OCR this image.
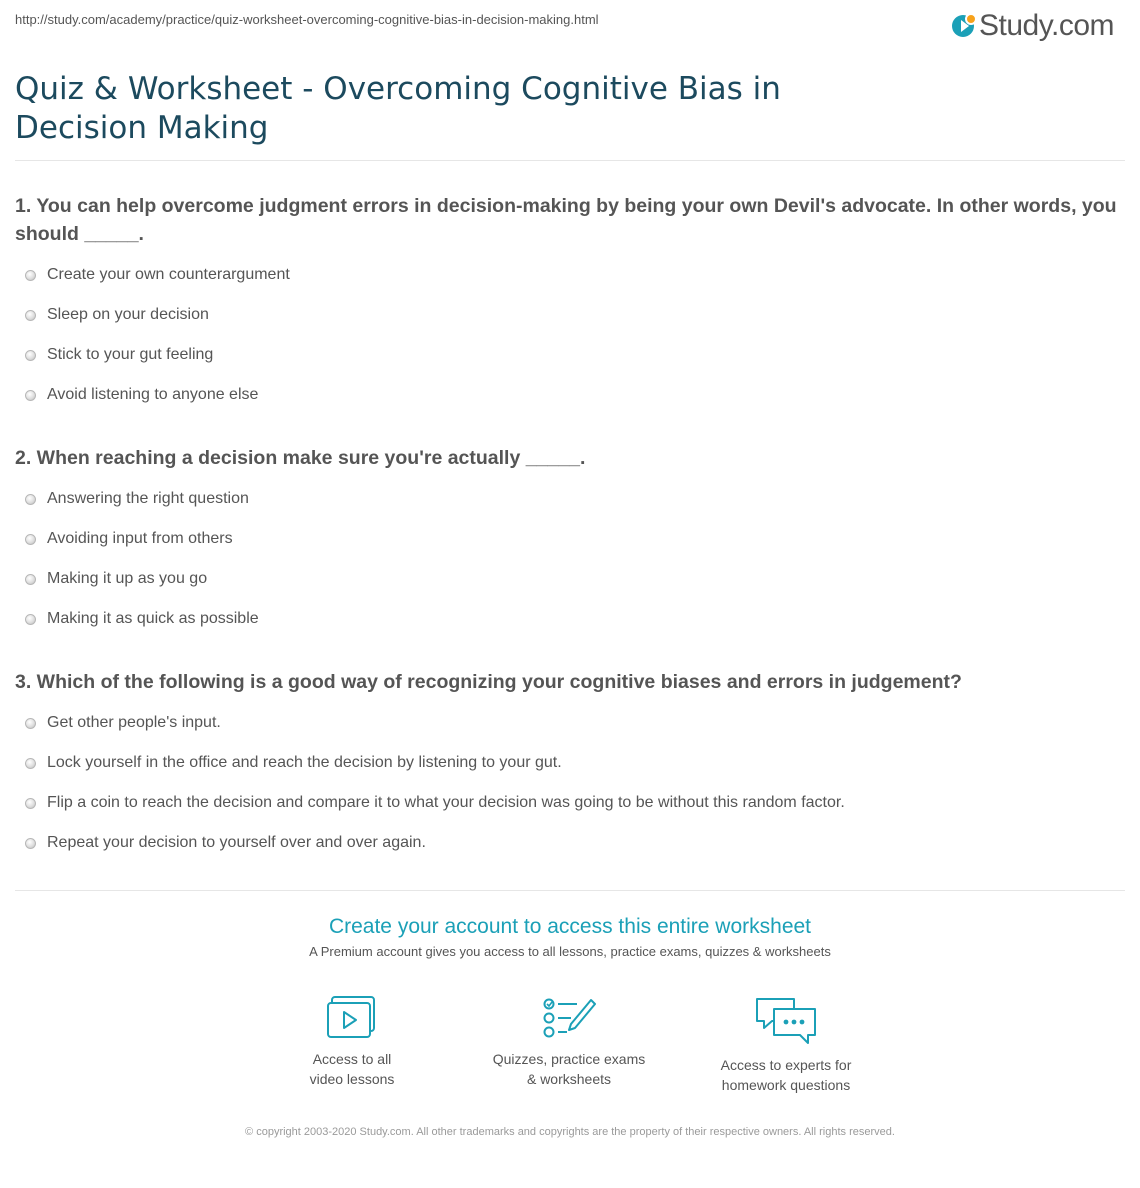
http://study.com/academy/practice/quiz-worksheet-overcoming-cognitive-bias-in-decision-making.html	Study.com
Quiz & Worksheet - Overcoming Cognitive Bias in Decision Making

1. You can help overcome judgment errors in decision-making by being your own Devil's advocate. In other words, you should _____.

Create your own counterargument
Sleep on your decision
Stick to your gut feeling
Avoid listening to anyone else

2. When reaching a decision make sure you're actually _____.

Answering the right question
Avoiding input from others
Making it up as you go
Making it as quick as possible

3. Which of the following is a good way of recognizing your cognitive biases and errors in judgement?

Get other people's input.
Lock yourself in the office and reach the decision by listening to your gut.
Flip a coin to reach the decision and compare it to what your decision was going to be without this random factor.
Repeat your decision to yourself over and over again.
Create your account to access this entire worksheet
A Premium account gives you access to all lessons, practice exams, quizzes & worksheets
Access to all
video lessons
Quizzes, practice exams
& worksheets
Access to experts for
homework questions
© copyright 2003-2020 Study.com. All other trademarks and copyrights are the property of their respective owners. All rights reserved.
